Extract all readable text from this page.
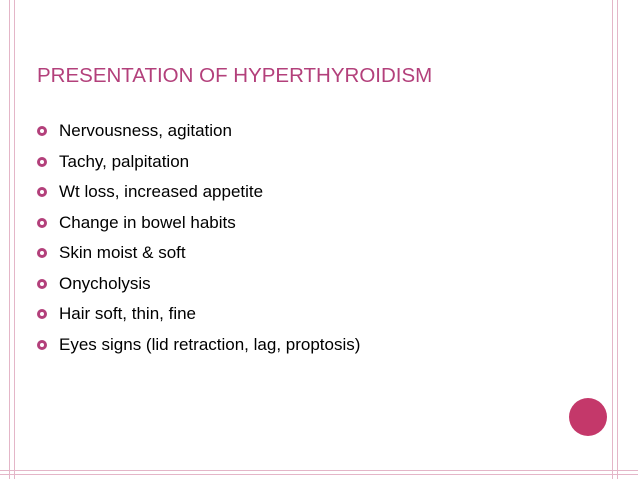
PRESENTATION OF HYPERTHYROIDISM
Nervousness, agitation
Tachy, palpitation
Wt loss, increased appetite
Change in bowel habits
Skin moist & soft
Onycholysis
Hair soft, thin, fine
Eyes signs (lid retraction, lag, proptosis)
